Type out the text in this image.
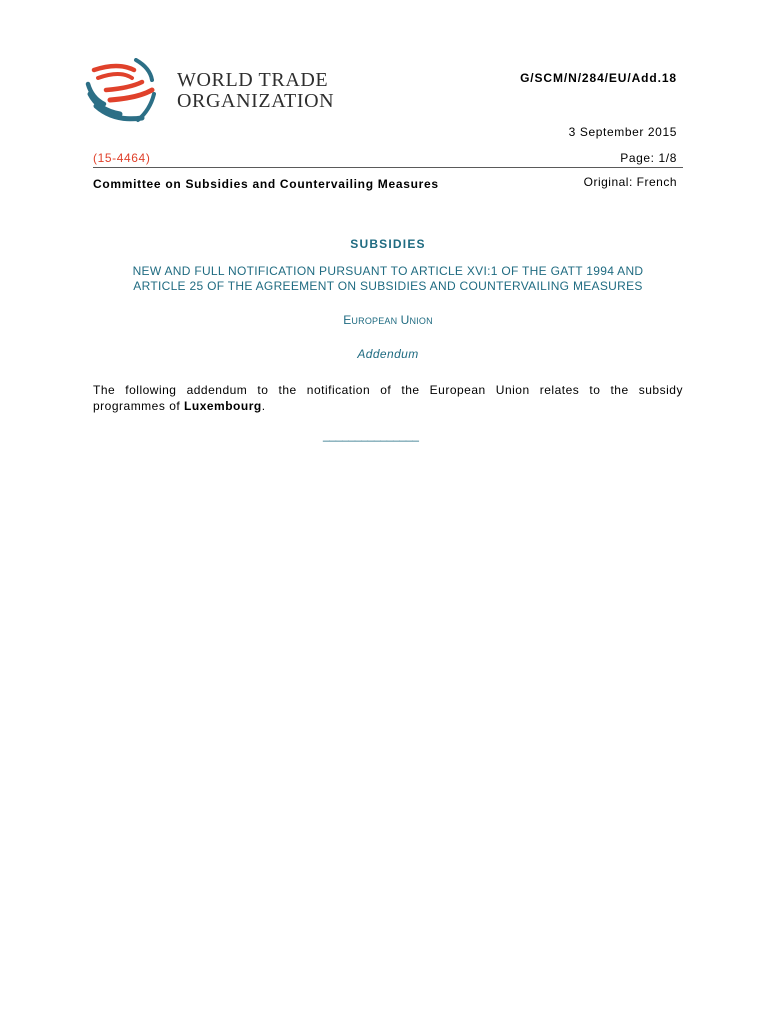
WORLD TRADE
ORGANIZATION
G/SCM/N/284/EU/Add.18
3 September 2015
(15-4464)	Page: 1/8
Committee on Subsidies and Countervailing Measures	Original: French
SUBSIDIES
NEW AND FULL NOTIFICATION PURSUANT TO ARTICLE XVI:1 OF THE GATT 1994 AND
ARTICLE 25 OF THE AGREEMENT ON SUBSIDIES AND COUNTERVAILING MEASURES
EUROPEAN UNION
Addendum
The following addendum to the notification of the European Union relates to the subsidy
programmes of Luxembourg.
_______________
